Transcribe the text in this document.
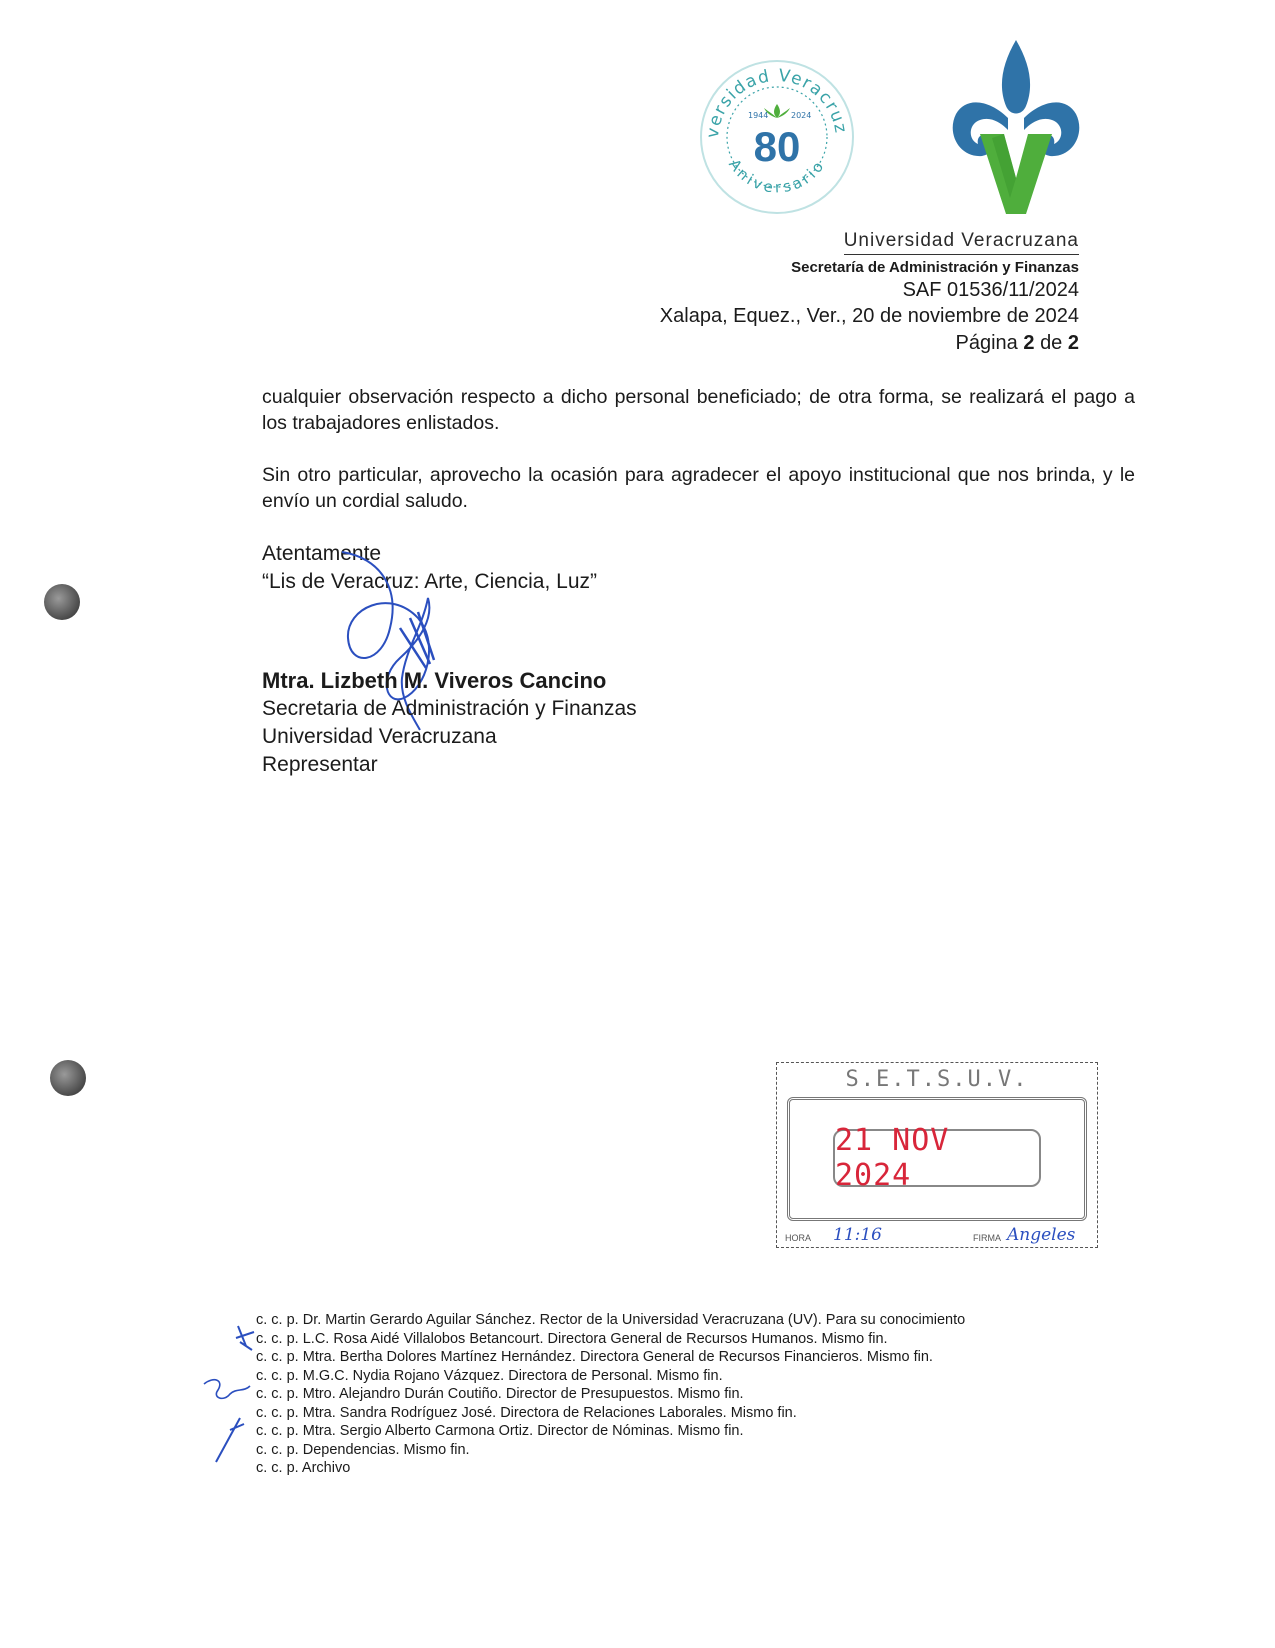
versidad Veracruz
Aniversario
1944	2024
80
Universidad Veracruzana
Secretaría de Administración y Finanzas
SAF 01536/11/2024
Xalapa, Equez., Ver., 20 de noviembre de 2024
Página 2 de 2
cualquier observación respecto a dicho personal beneficiado; de otra forma, se realizará el pago a los trabajadores enlistados.
Sin otro particular, aprovecho la ocasión para agradecer el apoyo institucional que nos brinda, y le envío un cordial saludo.
Atentamente
“Lis de Veracruz: Arte, Ciencia, Luz”
Mtra. Lizbeth M. Viveros Cancino
Secretaria de Administración y Finanzas
Universidad Veracruzana
Representar
S.E.T.S.U.V.
21 NOV 2024
HORA 11:16	FIRMA Angeles
c. c. p. Dr. Martin Gerardo Aguilar Sánchez. Rector de la Universidad Veracruzana (UV). Para su conocimiento
c. c. p. L.C. Rosa Aidé Villalobos Betancourt. Directora General de Recursos Humanos. Mismo fin.
c. c. p. Mtra. Bertha Dolores Martínez Hernández. Directora General de Recursos Financieros. Mismo fin.
c. c. p. M.G.C. Nydia Rojano Vázquez. Directora de Personal. Mismo fin.
c. c. p. Mtro. Alejandro Durán Coutiño. Director de Presupuestos. Mismo fin.
c. c. p. Mtra. Sandra Rodríguez José. Directora de Relaciones Laborales. Mismo fin.
c. c. p. Mtra. Sergio Alberto Carmona Ortiz. Director de Nóminas. Mismo fin.
c. c. p. Dependencias. Mismo fin.
c. c. p. Archivo
